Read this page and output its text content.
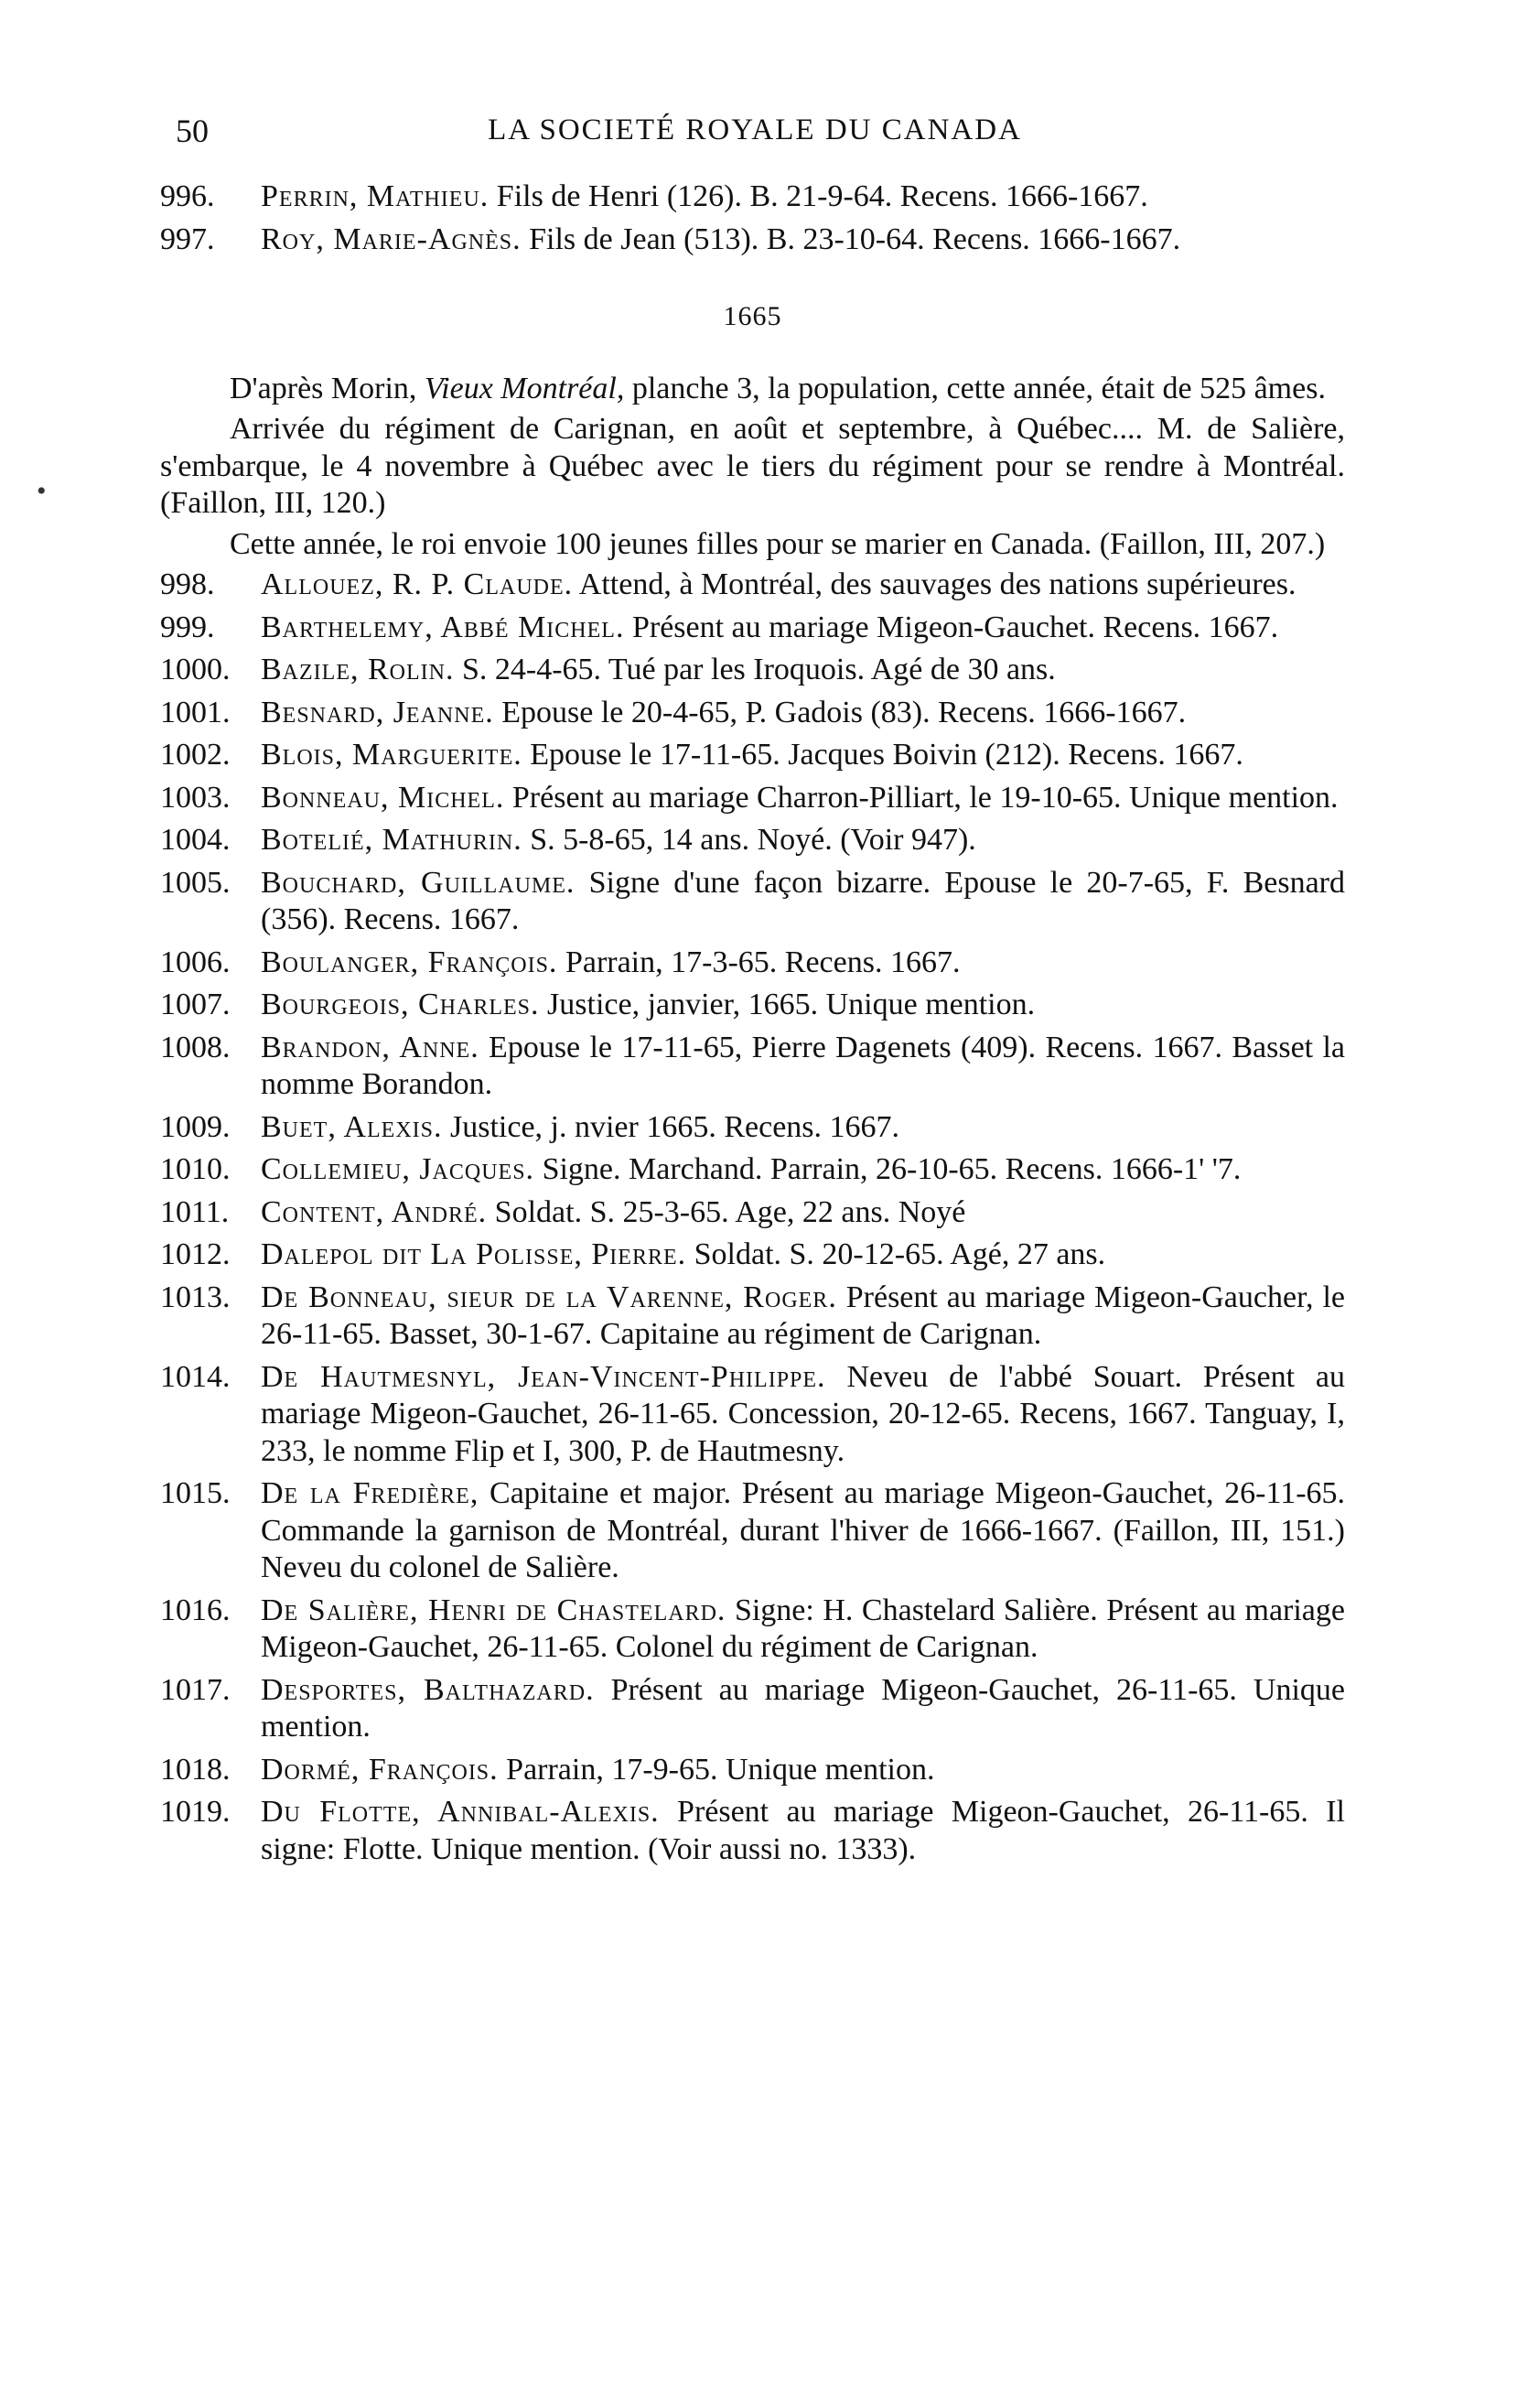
50	LA SOCIETÉ ROYALE DU CANADA
•
996.	Perrin, Mathieu. Fils de Henri (126). B. 21-9-64. Recens. 1666-1667.
997.	Roy, Marie-Agnès. Fils de Jean (513). B. 23-10-64. Recens. 1666-1667.
1665

D'après Morin, Vieux Montréal, planche 3, la population, cette année, était de 525 âmes.

Arrivée du régiment de Carignan, en août et septembre, à Québec.... M. de Salière, s'embarque, le 4 novembre à Québec avec le tiers du régiment pour se rendre à Montréal. (Faillon, III, 120.)

Cette année, le roi envoie 100 jeunes filles pour se marier en Canada. (Faillon, III, 207.)

998.	Allouez, R. P. Claude. Attend, à Montréal, des sauvages des nations supérieures.
999.	Barthelemy, Abbé Michel. Présent au mariage Migeon-Gauchet. Recens. 1667.
1000. Bazile, Rolin. S. 24-4-65. Tué par les Iroquois. Agé de 30 ans.
1001. Besnard, Jeanne. Epouse le 20-4-65, P. Gadois (83). Recens. 1666-1667.
1002. Blois, Marguerite. Epouse le 17-11-65. Jacques Boivin (212). Recens. 1667.
1003. Bonneau, Michel. Présent au mariage Charron-Pilliart, le 19-10-65. Unique mention.
1004. Botelié, Mathurin. S. 5-8-65, 14 ans. Noyé. (Voir 947).
1005. Bouchard, Guillaume. Signe d'une façon bizarre. Epouse le 20-7-65, F. Besnard (356). Recens. 1667.
1006. Boulanger, François. Parrain, 17-3-65. Recens. 1667.
1007. Bourgeois, Charles. Justice, janvier, 1665. Unique mention.
1008. Brandon, Anne. Epouse le 17-11-65, Pierre Dagenets (409). Recens. 1667. Basset la nomme Borandon.
1009. Buet, Alexis. Justice, j. nvier 1665. Recens. 1667.
1010. Collemieu, Jacques. Signe. Marchand. Parrain, 26-10-65. Recens. 1666-1' '7.
1011.	Content, André. Soldat. S. 25-3-65. Age, 22 ans. Noyé
1012. Dalepol dit La Polisse, Pierre. Soldat. S. 20-12-65. Agé, 27 ans.
1013. De Bonneau, sieur de la Varenne, Roger. Présent au mariage Migeon-Gaucher, le 26-11-65. Basset, 30-1-67. Capitaine au régiment de Carignan.
1014. De Hautmesnyl, Jean-Vincent-Philippe. Neveu de l'abbé Souart. Présent au mariage Migeon-Gauchet, 26-11-65. Concession, 20-12-65. Recens, 1667. Tanguay, I, 233, le nomme Flip et I, 300, P. de Hautmesny.
1015. De la Fredière, Capitaine et major. Présent au mariage Migeon-Gauchet, 26-11-65. Commande la garnison de Montréal, durant l'hiver de 1666-1667. (Faillon, III, 151.) Neveu du colonel de Salière.
1016. De Salière, Henri de Chastelard. Signe: H. Chastelard Salière. Présent au mariage Migeon-Gauchet, 26-11-65. Colonel du régiment de Carignan.
1017. Desportes, Balthazard. Présent au mariage Migeon-Gauchet, 26-11-65. Unique mention.
1018. Dormé, François. Parrain, 17-9-65. Unique mention.
1019. Du Flotte, Annibal-Alexis. Présent au mariage Migeon-Gauchet, 26-11-65. Il signe: Flotte. Unique mention. (Voir aussi no. 1333).
